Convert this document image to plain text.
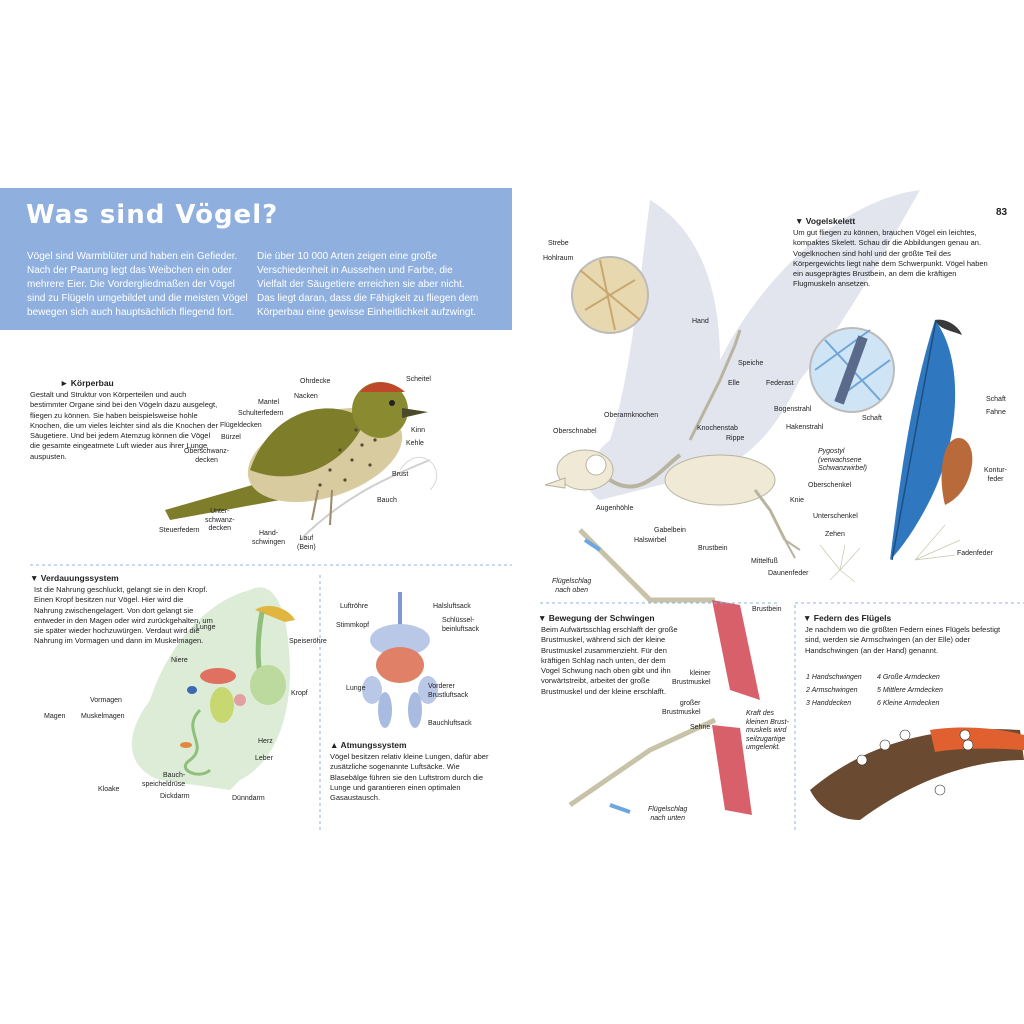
Was sind Vögel?
Vögel sind Warmblüter und haben ein Gefieder. Nach der Paarung legt das Weibchen ein oder mehrere Eier. Die Vordergliedmaßen der Vögel sind zu Flügeln umgebildet und die meisten Vögel bewegen sich auch hauptsächlich fliegend fort.
Die über 10 000 Arten zeigen eine große Verschiedenheit in Aussehen und Farbe, die Vielfalt der Säugetiere erreichen sie aber nicht. Das liegt daran, dass die Fähigkeit zu fliegen dem Körperbau eine gewisse Einheitlichkeit aufzwingt.
► Körperbau
Gestalt und Struktur von Körperteilen und auch bestimmter Organe sind bei den Vögeln dazu ausgelegt, fliegen zu können. Sie haben beispielsweise hohle Knochen, die um vieles leichter sind als die Knochen der Säugetiere. Und bei jedem Atemzug können die Vögel die gesamte eingeatmete Luft wieder aus ihrer Lunge auspusten.
Ohrdecke	Scheitel
Nacken
Mantel
Schulterfedern
Flügeldecken
Bürzel
Kinn
Kehle
Oberschwanz-
decken
Brust
Bauch
Steuerfedern
Unter-
schwanz-
decken
Hand-
schwingen	Lauf
(Bein)
▼ Verdauungssystem
Ist die Nahrung geschluckt, gelangt sie in den Kropf. Einen Kropf besitzen nur Vögel. Hier wird die Nahrung zwischengelagert. Von dort gelangt sie entweder in den Magen oder wird zurückgehalten, um sie später wieder hochzuwürgen. Verdaut wird die Nahrung im Vormagen und dann im Muskelmagen.
Lunge
Speiseröhre
Niere
Kropf
Vormagen
Magen Muskelmagen
Herz
Leber
Bauch-
speicheldrüse
Kloake
Dickdarm	Dünndarm
Luftröhre	Halsluftsack
Stimmkopf
Schlüssel-
beinluftsack
Lunge	Vorderer
Brustluftsack
Bauchluftsack
▲ Atmungssystem
Vögel besitzen relativ kleine Lungen, dafür aber zusätzliche sogenannte Luftsäcke. Wie Blasebälge führen sie den Luftstrom durch die Lunge und garantieren einen optimalen Gasaustausch.
83
▼ Vogelskelett
Um gut fliegen zu können, brauchen Vögel ein leichtes, kompaktes Skelett. Schau dir die Abbildungen genau an. Vogelknochen sind hohl und der größte Teil des Körpergewichts liegt nahe dem Schwerpunkt. Vögel haben ein ausgeprägtes Brustbein, an dem die kräftigen Flugmuskeln ansetzen.
Strebe
Hohlraum
Hand
Speiche
Elle	Federast
Bogenstrahl
Schaft
Schaft
Fahne
Oberarmknochen
Hakenstrahl
Oberschnabel	Knochenstab
Rippe
Pygostyl
(verwachsene
Schwanzwirbel)	Kontur-
feder
Oberschenkel
Knie
Augenhöhle
Unterschenkel
Gabelbein
Zehen
Halswirbel
Brustbein
Fadenfeder
Mittelfuß
Daunenfeder
Flügelschlag
nach oben
▼ Bewegung der Schwingen
Beim Aufwärtsschlag erschlafft der große Brustmuskel, während sich der kleine Brustmuskel zusammenzieht. Für den kräftigen Schlag nach unten, der dem Vogel Schwung nach oben gibt und ihn vorwärtstreibt, arbeitet der große Brustmuskel und der kleine erschlafft.
Brustbein
kleiner
Brustmuskel
großer
Brustmuskel
Sehne
Kraft des
kleinen Brust-
muskels wird
seilzugartige
umgelenkt.
Flügelschlag
nach unten
▼ Federn des Flügels
Je nachdem wo die größten Federn eines Flügels befestigt sind, werden sie Armschwingen (an der Elle) oder Handschwingen (an der Hand) genannt.
1 Handschwingen
2 Armschwingen
3 Handdecken
4 Große Armdecken
5 Mittlere Armdecken
6 Kleine Armdecken
